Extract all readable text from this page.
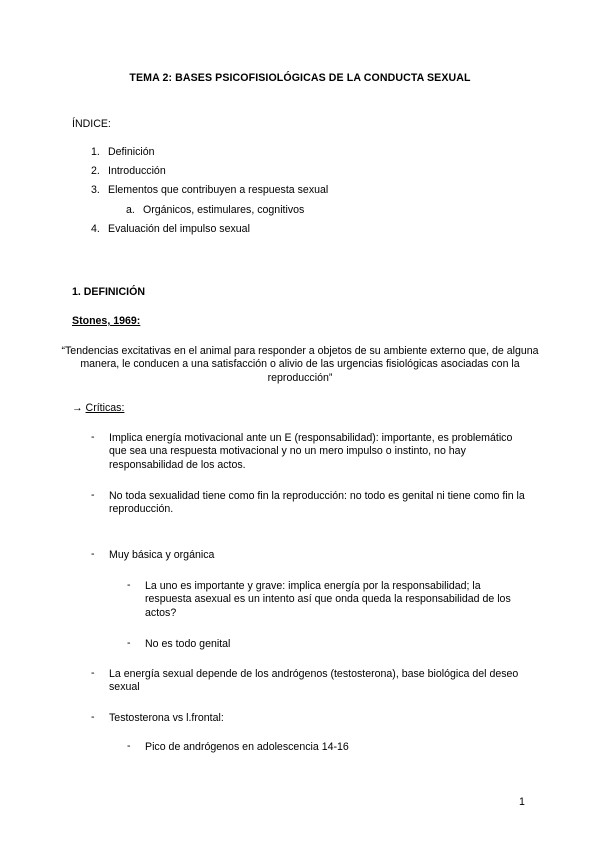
TEMA 2: BASES PSICOFISIOLÓGICAS DE LA CONDUCTA SEXUAL
ÍNDICE:
1. Definición
2. Introducción
3. Elementos que contribuyen a respuesta sexual
a. Orgánicos, estimulares, cognitivos
4. Evaluación del impulso sexual
1. DEFINICIÓN
Stones, 1969:
“Tendencias excitativas en el animal para responder a objetos de su ambiente externo que, de alguna manera, le conducen a una satisfacción o alivio de las urgencias fisiológicas asociadas con la reproducción”
→ Críticas:
- Implica energía motivacional ante un E (responsabilidad): importante, es problemático que sea una respuesta motivacional y no un mero impulso o instinto, no hay responsabilidad de los actos.
- No toda sexualidad tiene como fin la reproducción: no todo es genital ni tiene como fin la reproducción.
- Muy básica y orgánica
- La uno es importante y grave: implica energía por la responsabilidad; la respuesta asexual es un intento así que onda queda la responsabilidad de los actos?
- No es todo genital
- La energía sexual depende de los andrógenos (testosterona), base biológica del deseo sexual
- Testosterona vs l.frontal:
- Pico de andrógenos en adolescencia 14-16
1
